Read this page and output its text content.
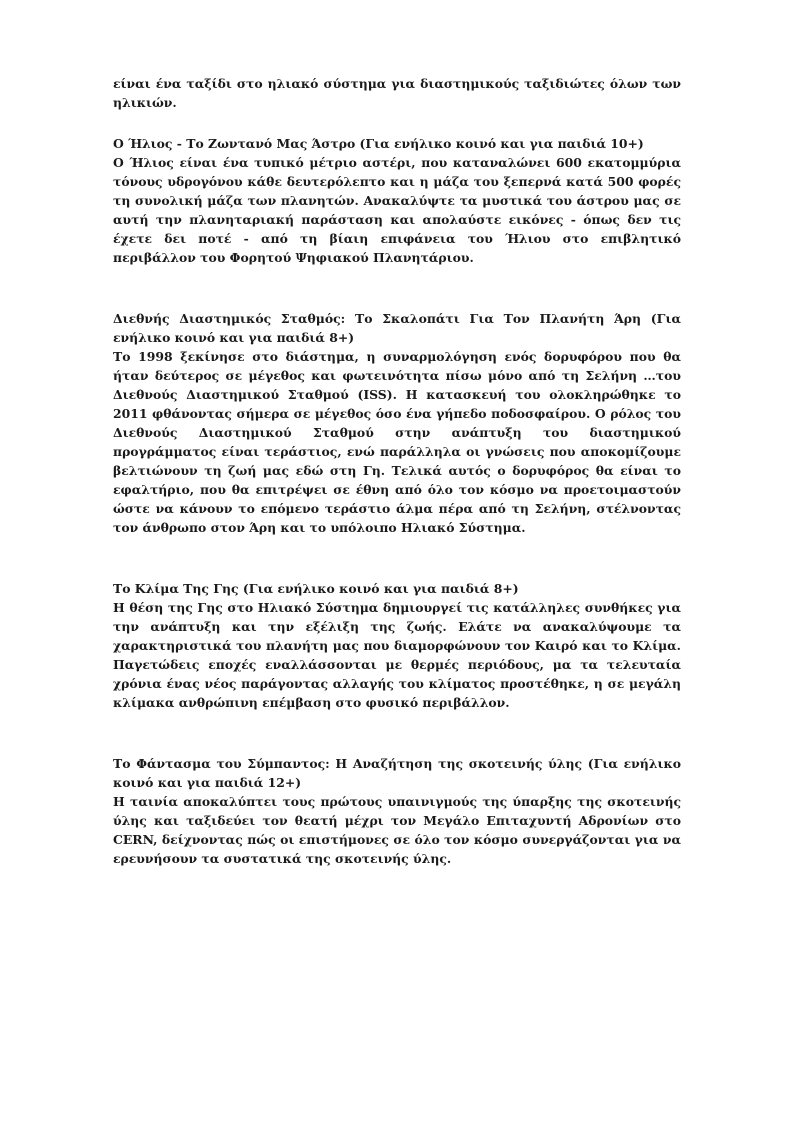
είναι ένα ταξίδι στο ηλιακό σύστημα για διαστημικούς ταξιδιώτες όλων των ηλικιών.

Ο Ήλιος - Το Ζωντανό Μας Άστρο (Για ενήλικο κοινό και για παιδιά 10+)

Ο Ήλιος είναι ένα τυπικό μέτριο αστέρι, που καταναλώνει 600 εκατομμύρια τόνους υδρογόνου κάθε δευτερόλεπτο και η μάζα του ξεπερνά κατά 500 φορές τη συνολική μάζα των πλανητών. Ανακαλύψτε τα μυστικά του άστρου μας σε αυτή την πλανηταριακή παράσταση και απολαύστε εικόνες - όπως δεν τις έχετε δει ποτέ - από τη βίαιη επιφάνεια του Ήλιου στο επιβλητικό περιβάλλον του Φορητού Ψηφιακού Πλανητάριου.

Διεθνής Διαστημικός Σταθμός: Το Σκαλοπάτι Για Τον Πλανήτη Άρη (Για ενήλικο κοινό και για παιδιά 8+)

Το 1998 ξεκίνησε στο διάστημα, η συναρμολόγηση ενός δορυφόρου που θα ήταν δεύτερος σε μέγεθος και φωτεινότητα πίσω μόνο από τη Σελήνη …του Διεθνούς Διαστημικού Σταθμού (ISS). Η κατασκευή του ολοκληρώθηκε το 2011 φθάνοντας σήμερα σε μέγεθος όσο ένα γήπεδο ποδοσφαίρου. Ο ρόλος του Διεθνούς Διαστημικού Σταθμού στην ανάπτυξη του διαστημικού προγράμματος είναι τεράστιος, ενώ παράλληλα οι γνώσεις που αποκομίζουμε βελτιώνουν τη ζωή μας εδώ στη Γη. Τελικά αυτός ο δορυφόρος θα είναι το εφαλτήριο, που θα επιτρέψει σε έθνη από όλο τον κόσμο να προετοιμαστούν ώστε να κάνουν το επόμενο τεράστιο άλμα πέρα από τη Σελήνη, στέλνοντας τον άνθρωπο στον Άρη και το υπόλοιπο Ηλιακό Σύστημα.

Το Κλίμα Της Γης (Για ενήλικο κοινό και για παιδιά 8+)

Η θέση της Γης στο Ηλιακό Σύστημα δημιουργεί τις κατάλληλες συνθήκες για την ανάπτυξη και την εξέλιξη της ζωής. Ελάτε να ανακαλύψουμε τα χαρακτηριστικά του πλανήτη μας που διαμορφώνουν τον Καιρό και το Κλίμα. Παγετώδεις εποχές εναλλάσσονται με θερμές περιόδους, μα τα τελευταία χρόνια ένας νέος παράγοντας αλλαγής του κλίματος προστέθηκε, η σε μεγάλη κλίμακα ανθρώπινη επέμβαση στο φυσικό περιβάλλον.

Το Φάντασμα του Σύμπαντος: Η Αναζήτηση της σκοτεινής ύλης (Για ενήλικο κοινό και για παιδιά 12+)

Η ταινία αποκαλύπτει τους πρώτους υπαινιγμούς της ύπαρξης της σκοτεινής ύλης και ταξιδεύει τον θεατή μέχρι τον Μεγάλο Επιταχυντή Αδρονίων στο CERN, δείχνοντας πώς οι επιστήμονες σε όλο τον κόσμο συνεργάζονται για να ερευνήσουν τα συστατικά της σκοτεινής ύλης.
